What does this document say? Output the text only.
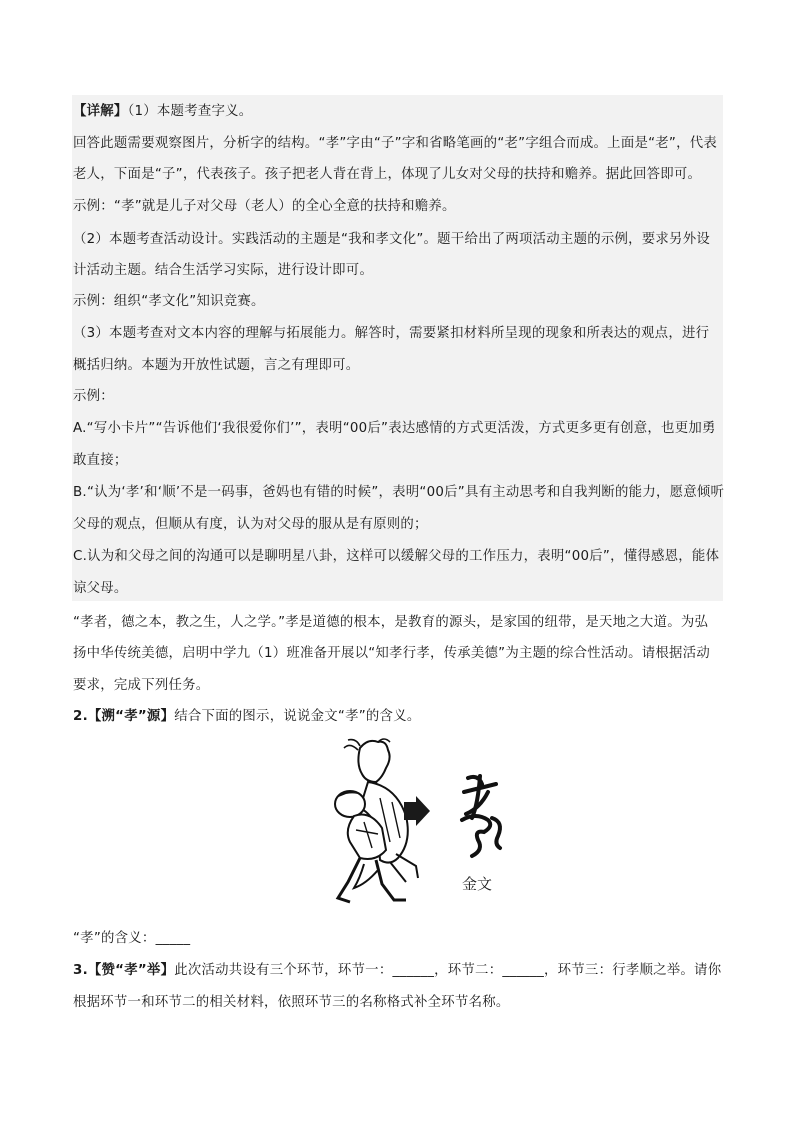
【详解】（1）本题考查字义。
回答此题需要观察图片，分析字的结构。“孝”字由“子”字和省略笔画的“老”字组合而成。上面是“老”，代表
老人，下面是“子”，代表孩子。孩子把老人背在背上，体现了儿女对父母的扶持和赡养。据此回答即可。
示例：“孝”就是儿子对父母（老人）的全心全意的扶持和赡养。
（2）本题考查活动设计。实践活动的主题是“我和孝文化”。题干给出了两项活动主题的示例，要求另外设
计活动主题。结合生活学习实际，进行设计即可。
示例：组织“孝文化”知识竞赛。
（3）本题考查对文本内容的理解与拓展能力。解答时，需要紧扣材料所呈现的现象和所表达的观点，进行
概括归纳。本题为开放性试题，言之有理即可。
示例：
A.“写小卡片”“告诉他们‘我很爱你们’”，表明“00后”表达感情的方式更活泼，方式更多更有创意，也更加勇
敢直接；
B.“认为‘孝’和‘顺’不是一码事，爸妈也有错的时候”，表明“00后”具有主动思考和自我判断的能力，愿意倾听
父母的观点，但顺从有度，认为对父母的服从是有原则的；
C.认为和父母之间的沟通可以是聊明星八卦，这样可以缓解父母的工作压力，表明“00后”，懂得感恩，能体
谅父母。
“孝者，德之本，教之生，人之学。”孝是道德的根本，是教育的源头，是家国的纽带，是天地之大道。为弘
扬中华传统美德，启明中学九（1）班准备开展以“知孝行孝，传承美德”为主题的综合性活动。请根据活动
要求，完成下列任务。
2.【溯“孝”源】结合下面的图示，说说金文“孝”的含义。
金文
“孝”的含义：_____
3.【赞“孝”举】此次活动共设有三个环节，环节一：______，环节二：______，环节三：行孝顺之举。请你
根据环节一和环节二的相关材料，依照环节三的名称格式补全环节名称。
